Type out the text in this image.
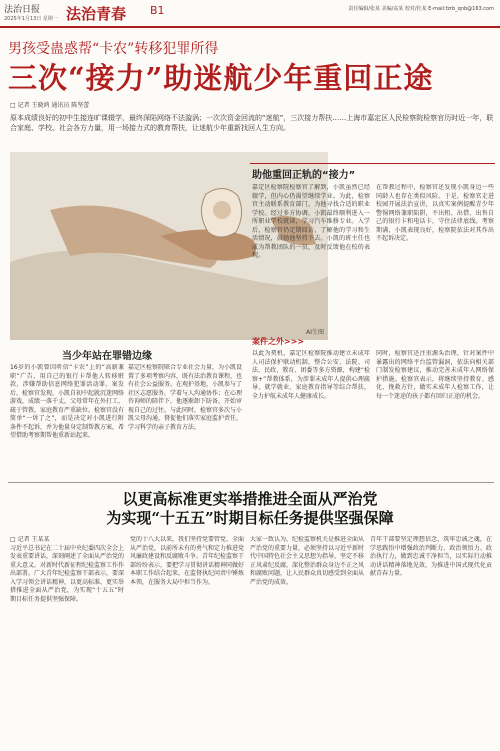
法治日报
2025年1月13日 星期一 法治青春 B1	责任编辑/张某 美编/高某 校对/杜某 E-mail:fzrb_qnb@163.com
男孩受蛊惑帮“卡农”转移犯罪所得
三次“接力”助迷航少年重回正途
□ 记者 王晓鸿 通讯员 陈坚蕾
原本成绩良好的初中生接连旷课辍学，最终深陷网络不法漩涡；一次次资金回流的“迷航”，三次接力帮扶……上海市嘉定区人民检察院检察官历时近一年，联合家庭、学校、社会各方力量，用一场接力式的教育帮扶，让迷航少年重新找回人生方向。
AI生图
助他重回正轨的“接力”
嘉定区检察院检察官了解到，小凯虽然已经辍学，但内心仍渴望继续学业。为此，检察官主动联系教育部门，为他寻找合适的职业学校。经过多方协调，小凯最终顺利进入一所职业学校就读，学习汽车维修专业。入学后，检察官仍定期回访，了解他的学习和生活情况，鼓励他坚持下去。小凯的班主任也成为帮教团队的一员，及时反馈他在校的表现。
在帮教过程中，检察官还发现小凯身边一些同龄人也存在类似风险。于是，检察官走进校园开展法治宣讲，以真实案例提醒青少年警惕网络兼职陷阱，不出租、出借、出售自己的银行卡和电话卡，守住法律底线。考察期满，小凯表现良好，检察院依法对其作出不起诉决定。
当少年站在罪错边缘
16岁的小凯曾因听信“卡农”上的“高薪兼职”广告，用自己的银行卡帮他人转移赃款，涉嫌帮助信息网络犯罪活动罪。案发后，检察官发现，小凯自初中起就沉迷网络游戏，成绩一落千丈，父母常年在外打工，疏于管教，家庭教育严重缺位。检察官没有简单“一诉了之”，而是决定对小凯进行附条件不起诉，并为他量身定制帮教方案，希望借助考察期帮他重新站起来。
嘉定区检察院联合专业社会力量，为小凯设置了多项考察内容，既有法治教育课程，也有社会公益服务。在观护基地，小凯参与了社区志愿服务，学着与人沟通协作；在心理咨询师的陪伴下，他逐渐卸下防备，开始审视自己的过往。与此同时，检察官多次与小凯父母沟通，督促他们落实家庭监护责任，学习科学的亲子教育方法。
案件之外>>>
以此为契机，嘉定区检察院推动建立未成年人司法保护联动机制，整合公安、法院、司法、民政、教育、团委等多方资源，构建“检察+”帮教体系，为涉罪未成年人提供心理疏导、就学就业、家庭教育指导等综合帮扶，全力护航未成年人健康成长。
同时，检察官还注重源头治理，针对案件中暴露出的网络平台监管漏洞，依法向相关部门制发检察建议，推动完善未成年人网络保护措施。检察官表示，将继续坚持教育、感化、挽救方针，做实未成年人检察工作，让每一个迷途的孩子都有回归正途的机会。
以更高标准更实举措推进全面从严治党
为实现“十五五”时期目标任务提供坚强保障
□ 记者 王某某
习近平总书记在二十届中央纪委四次全会上发表重要讲话，深刻阐述了全面从严治党的重大意义，对新时代新征程纪检监察工作作出部署。广大青年纪检监察干部表示，要深入学习领会讲话精神，以更高标准、更实举措推进全面从严治党，为实现“十五五”时期目标任务提供坚强保障。
党的十八大以来，我们坚持党要管党、全面从严治党，以前所未有的勇气和定力推进党风廉政建设和反腐败斗争。青年纪检监察干部纷纷表示，要把学习贯彻讲话精神同做好本职工作结合起来，在监督执纪问责中锤炼本领，在服务大局中担当作为。
大家一致认为，纪检监察机关是推进全面从严治党的重要力量，必须坚持以习近平新时代中国特色社会主义思想为指导，坚定不移正风肃纪反腐，深化整治群众身边不正之风和腐败问题，让人民群众真切感受到全面从严治党的成效。
青年干部要坚定理想信念，筑牢忠诚之魂，在学思践悟中增强政治判断力、政治领悟力、政治执行力，做到忠诚干净担当，以实际行动推动讲话精神落地见效，为推进中国式现代化贡献青春力量。
